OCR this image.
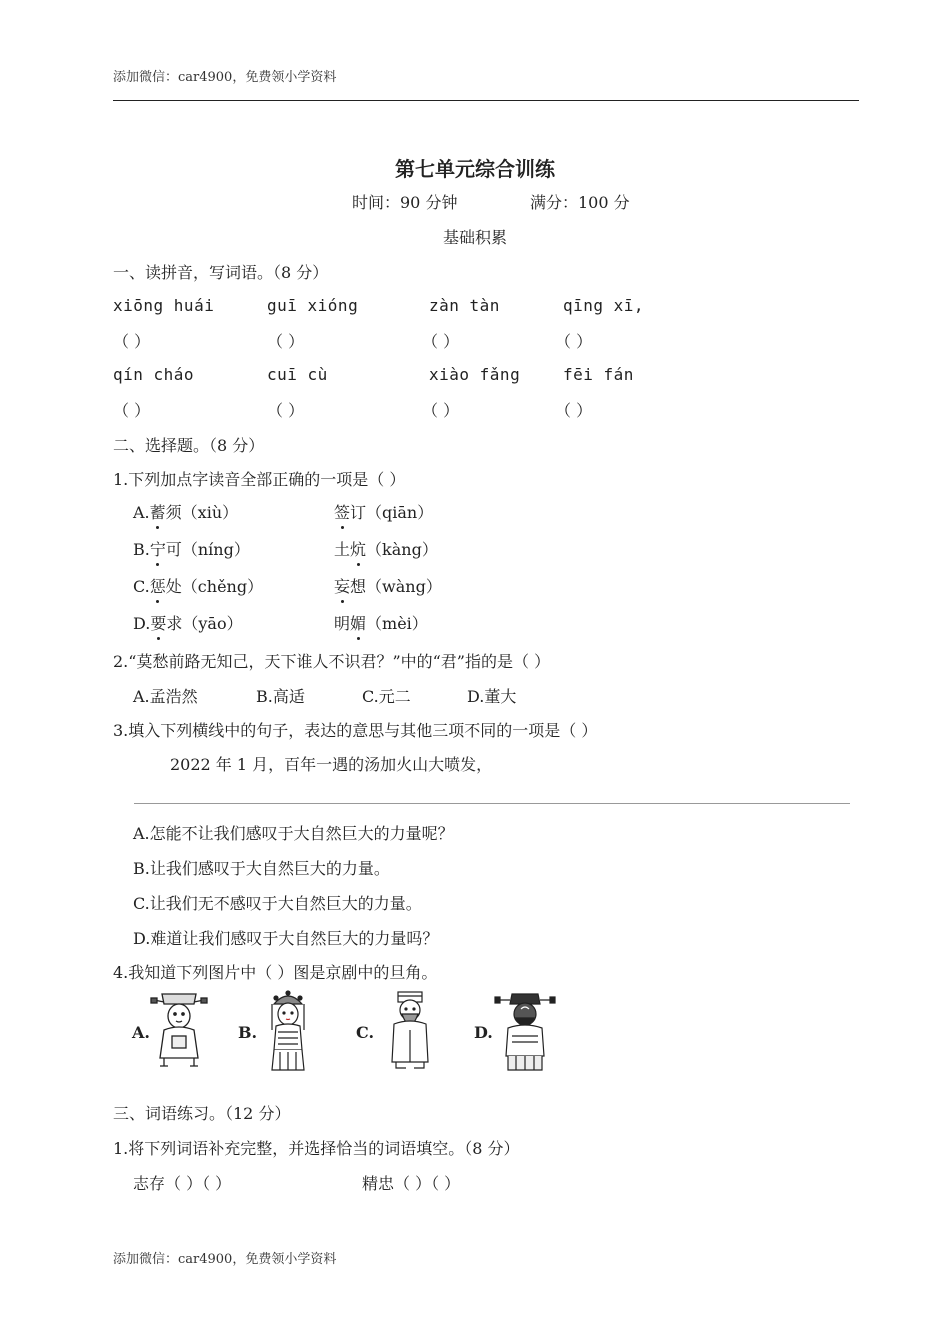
添加微信：car4900，免费领小学资料
第七单元综合训练
时间：90 分钟	满分：100 分
基础积累
一、读拼音，写词语。（8 分）
xiōng huái	guī xióng	zàn tàn	qīng xī,
（ ）	（ ）	（ ）	（ ）
qín cháo	cuī cù	xiào fǎng	fēi fán
（ ）	（ ）	（ ）	（ ）
二、选择题。（8 分）
1.下列加点字读音全部正确的一项是（ ）
A.蓄须（xiù）	签订（qiān）
B.宁可（níng）	土炕（kàng）
C.惩处（chěng）	妄想（wàng）
D.要求（yāo）	明媚（mèi）
2.“莫愁前路无知己，天下谁人不识君？”中的“君”指的是（ ）
A.孟浩然	B.高适	C.元二	D.董大
3.填入下列横线中的句子，表达的意思与其他三项不同的一项是（ ）
2022 年 1 月，百年一遇的汤加火山大喷发，
A.怎能不让我们感叹于大自然巨大的力量呢？
B.让我们感叹于大自然巨大的力量。
C.让我们无不感叹于大自然巨大的力量。
D.难道让我们感叹于大自然巨大的力量吗？
4.我知道下列图片中（ ）图是京剧中的旦角。
A.	B.	C.	D.
三、词语练习。（12 分）
1.将下列词语补充完整，并选择恰当的词语填空。（8 分）
志存（ ）（ ）	精忠（ ）（ ）
添加微信：car4900，免费领小学资料
